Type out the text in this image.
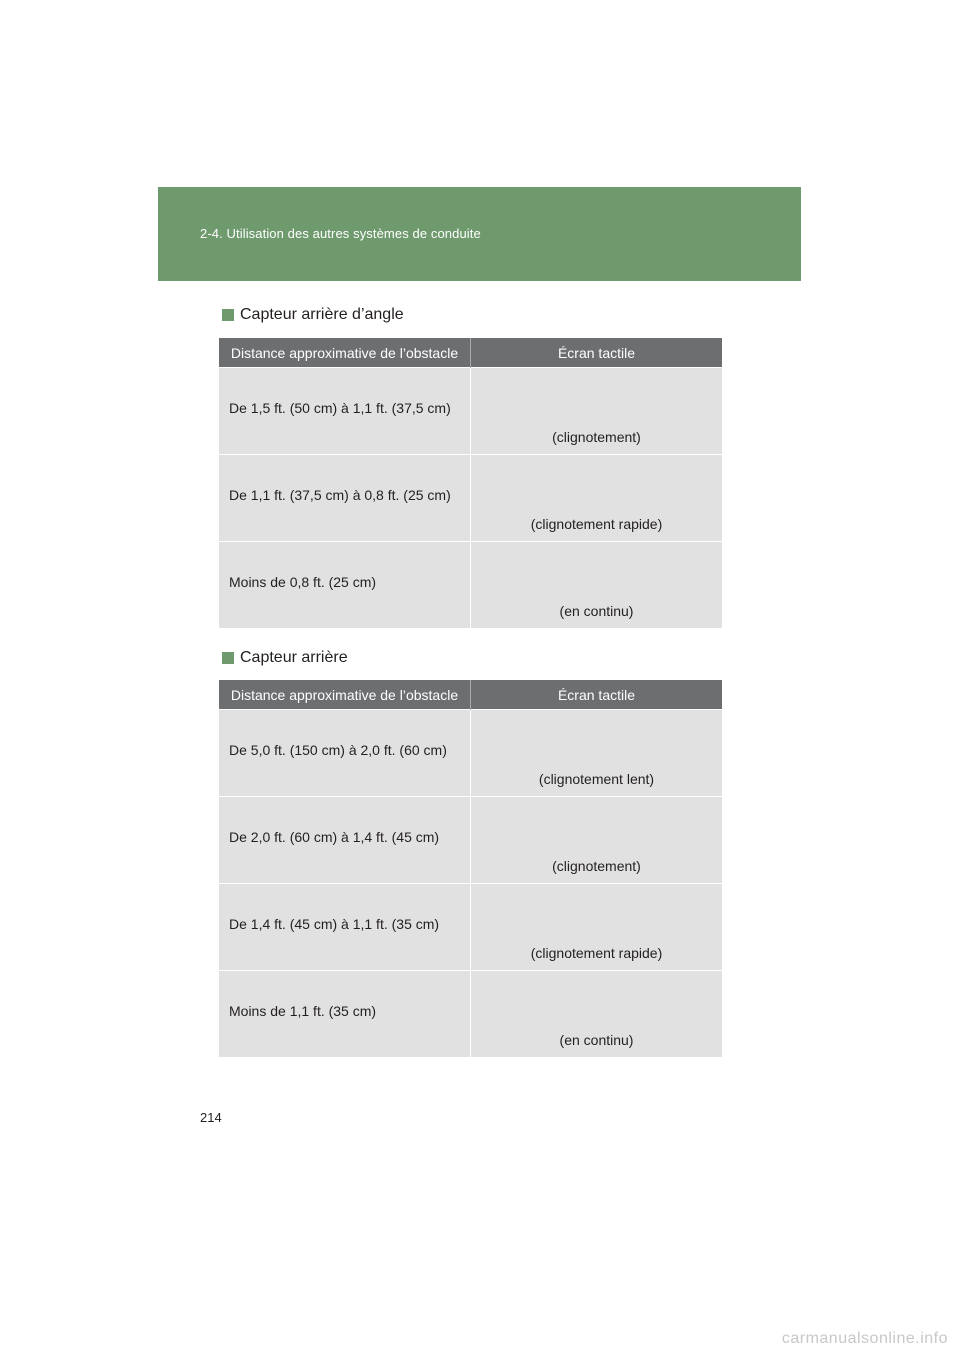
2-4. Utilisation des autres systèmes de conduite
Capteur arrière d’angle
Distance approximative de l’obstacle	Écran tactile

De 1,5 ft. (50 cm) à 1,1 ft. (37,5 cm)	(clignotement)

De 1,1 ft. (37,5 cm) à 0,8 ft. (25 cm)	(clignotement rapide)

Moins de 0,8 ft. (25 cm)	(en continu)
Capteur arrière
Distance approximative de l’obstacle	Écran tactile

De 5,0 ft. (150 cm) à 2,0 ft. (60 cm)	(clignotement lent)

De 2,0 ft. (60 cm) à 1,4 ft. (45 cm)	(clignotement)

De 1,4 ft. (45 cm) à 1,1 ft. (35 cm)	(clignotement rapide)

Moins de 1,1 ft. (35 cm)	(en continu)
214
carmanualsonline.info
